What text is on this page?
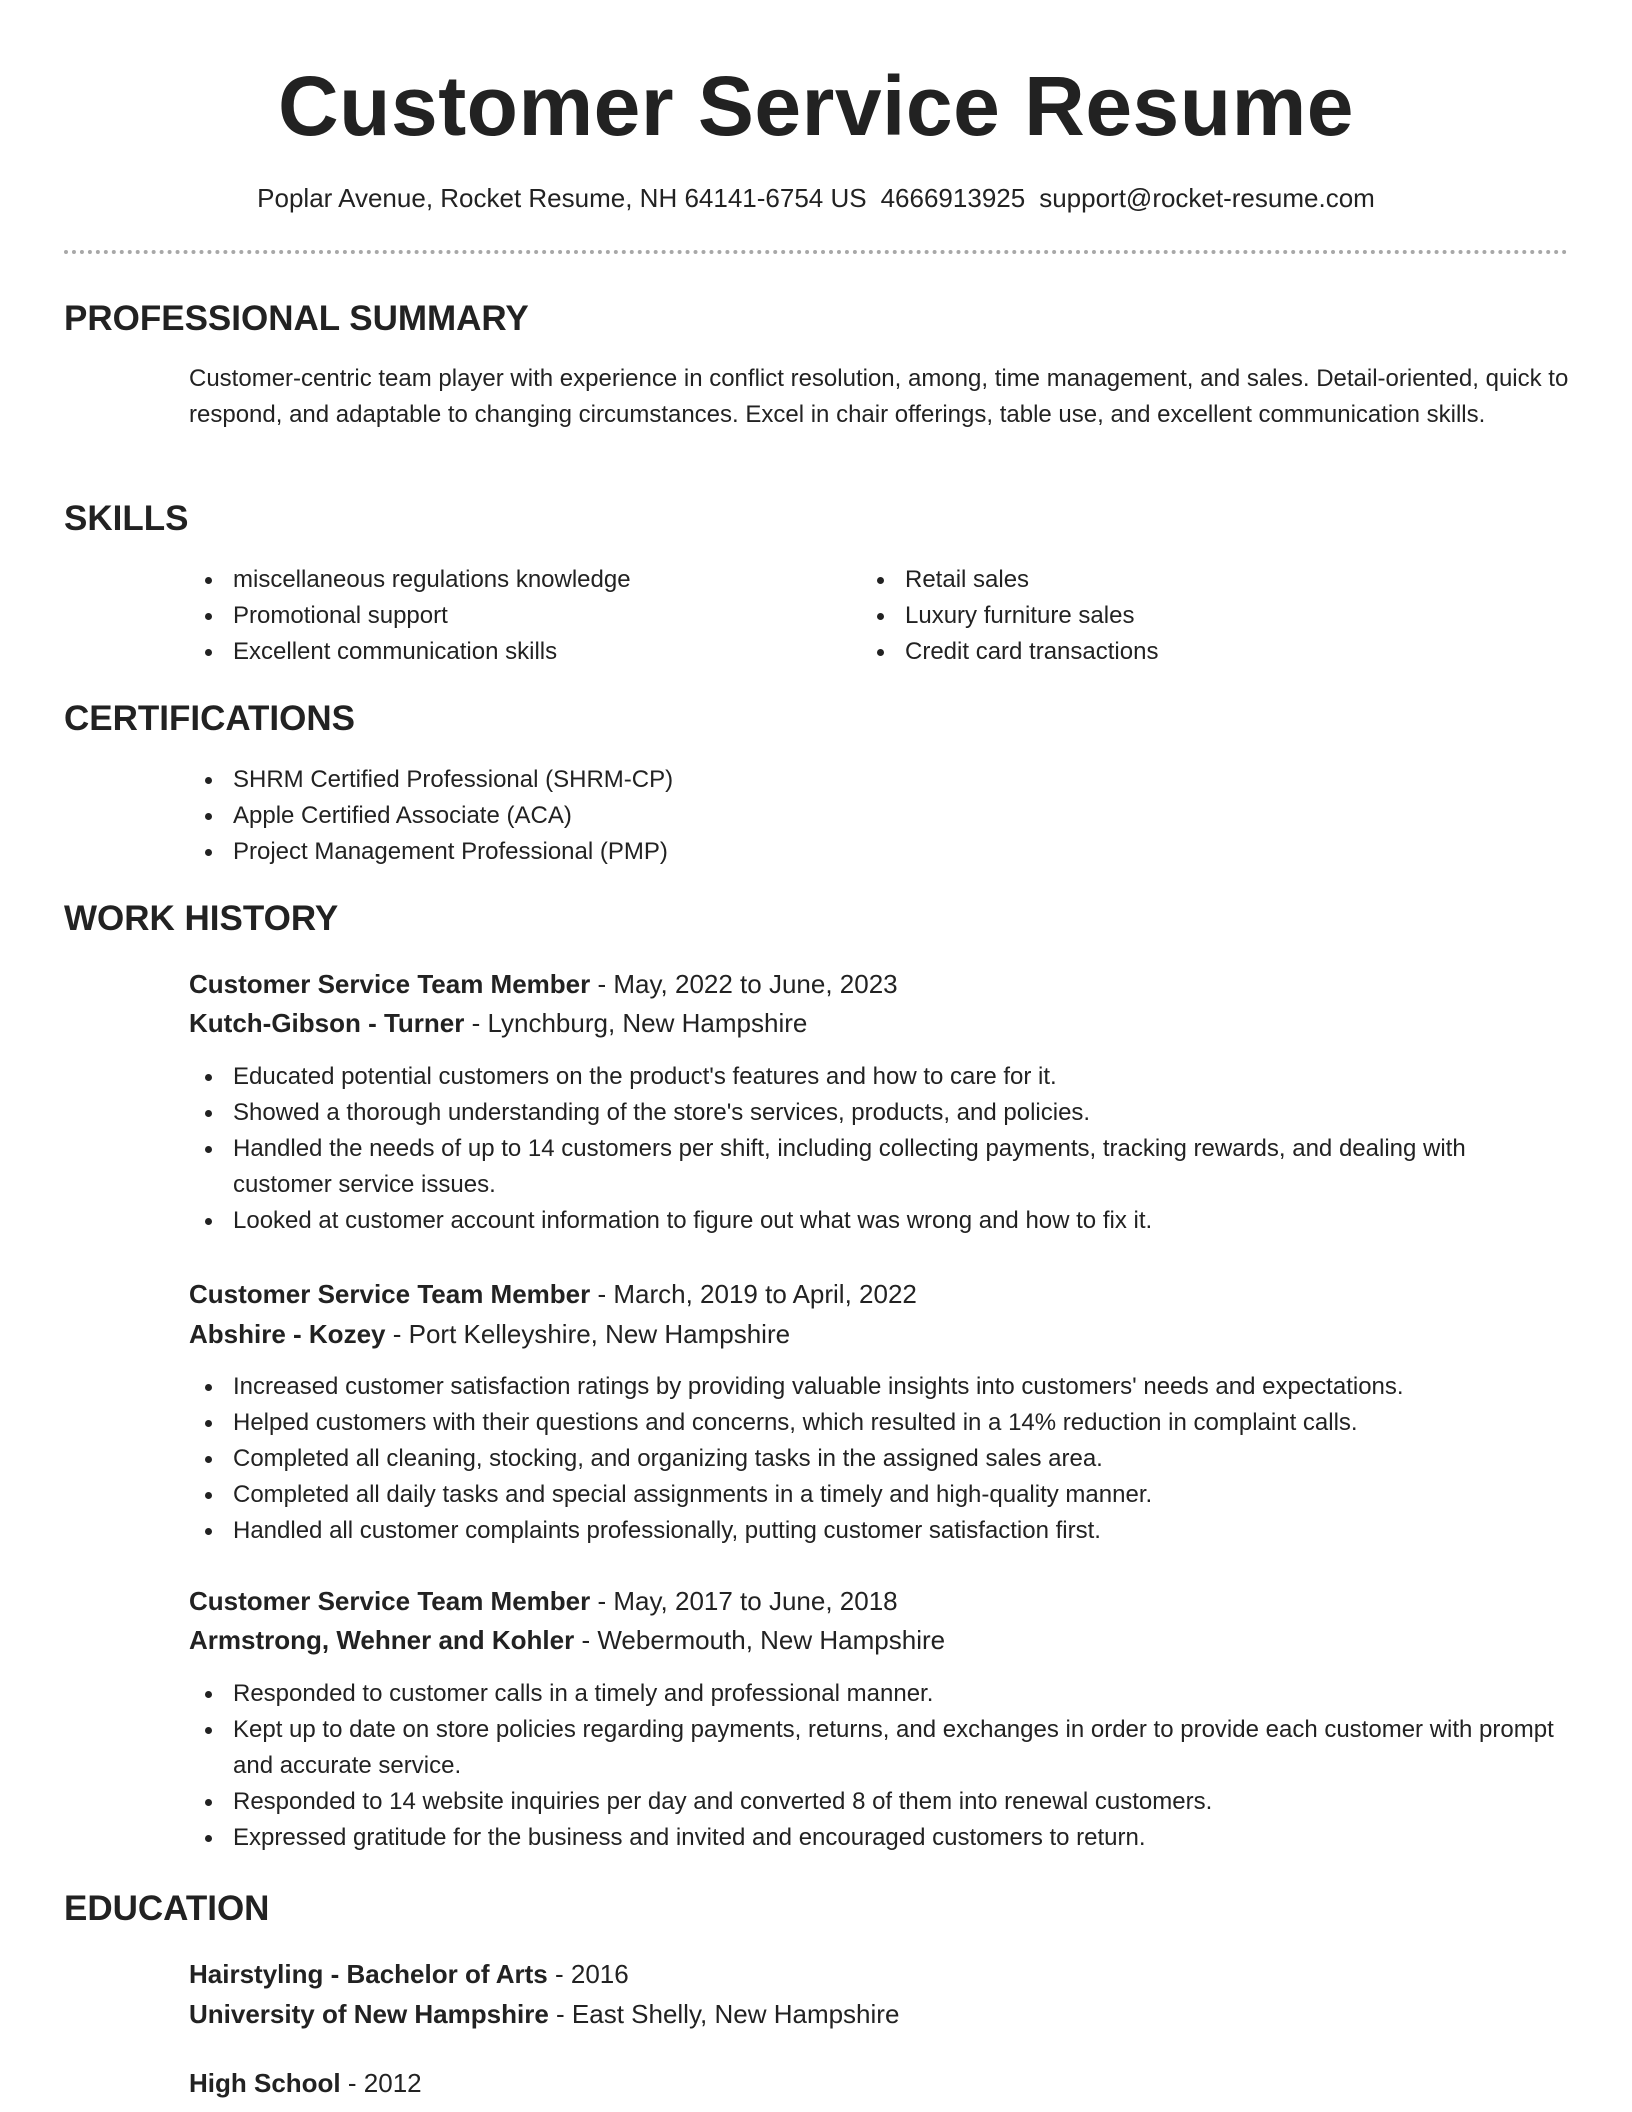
Customer Service Resume
Poplar Avenue, Rocket Resume, NH 64141-6754 US 4666913925 support@rocket-resume.com
PROFESSIONAL SUMMARY
Customer-centric team player with experience in conflict resolution, among, time management, and sales. Detail-oriented, quick to respond, and adaptable to changing circumstances. Excel in chair offerings, table use, and excellent communication skills.
SKILLS
miscellaneous regulations knowledge
Promotional support
Excellent communication skills
Retail sales
Luxury furniture sales
Credit card transactions
CERTIFICATIONS
SHRM Certified Professional (SHRM-CP)
Apple Certified Associate (ACA)
Project Management Professional (PMP)
WORK HISTORY
Customer Service Team Member - May, 2022 to June, 2023
Kutch-Gibson - Turner - Lynchburg, New Hampshire
Educated potential customers on the product's features and how to care for it.
Showed a thorough understanding of the store's services, products, and policies.
Handled the needs of up to 14 customers per shift, including collecting payments, tracking rewards, and dealing with customer service issues.
Looked at customer account information to figure out what was wrong and how to fix it.
Customer Service Team Member - March, 2019 to April, 2022
Abshire - Kozey - Port Kelleyshire, New Hampshire
Increased customer satisfaction ratings by providing valuable insights into customers' needs and expectations.
Helped customers with their questions and concerns, which resulted in a 14% reduction in complaint calls.
Completed all cleaning, stocking, and organizing tasks in the assigned sales area.
Completed all daily tasks and special assignments in a timely and high-quality manner.
Handled all customer complaints professionally, putting customer satisfaction first.
Customer Service Team Member - May, 2017 to June, 2018
Armstrong, Wehner and Kohler - Webermouth, New Hampshire
Responded to customer calls in a timely and professional manner.
Kept up to date on store policies regarding payments, returns, and exchanges in order to provide each customer with prompt and accurate service.
Responded to 14 website inquiries per day and converted 8 of them into renewal customers.
Expressed gratitude for the business and invited and encouraged customers to return.
EDUCATION
Hairstyling - Bachelor of Arts - 2016
University of New Hampshire - East Shelly, New Hampshire
High School - 2012
